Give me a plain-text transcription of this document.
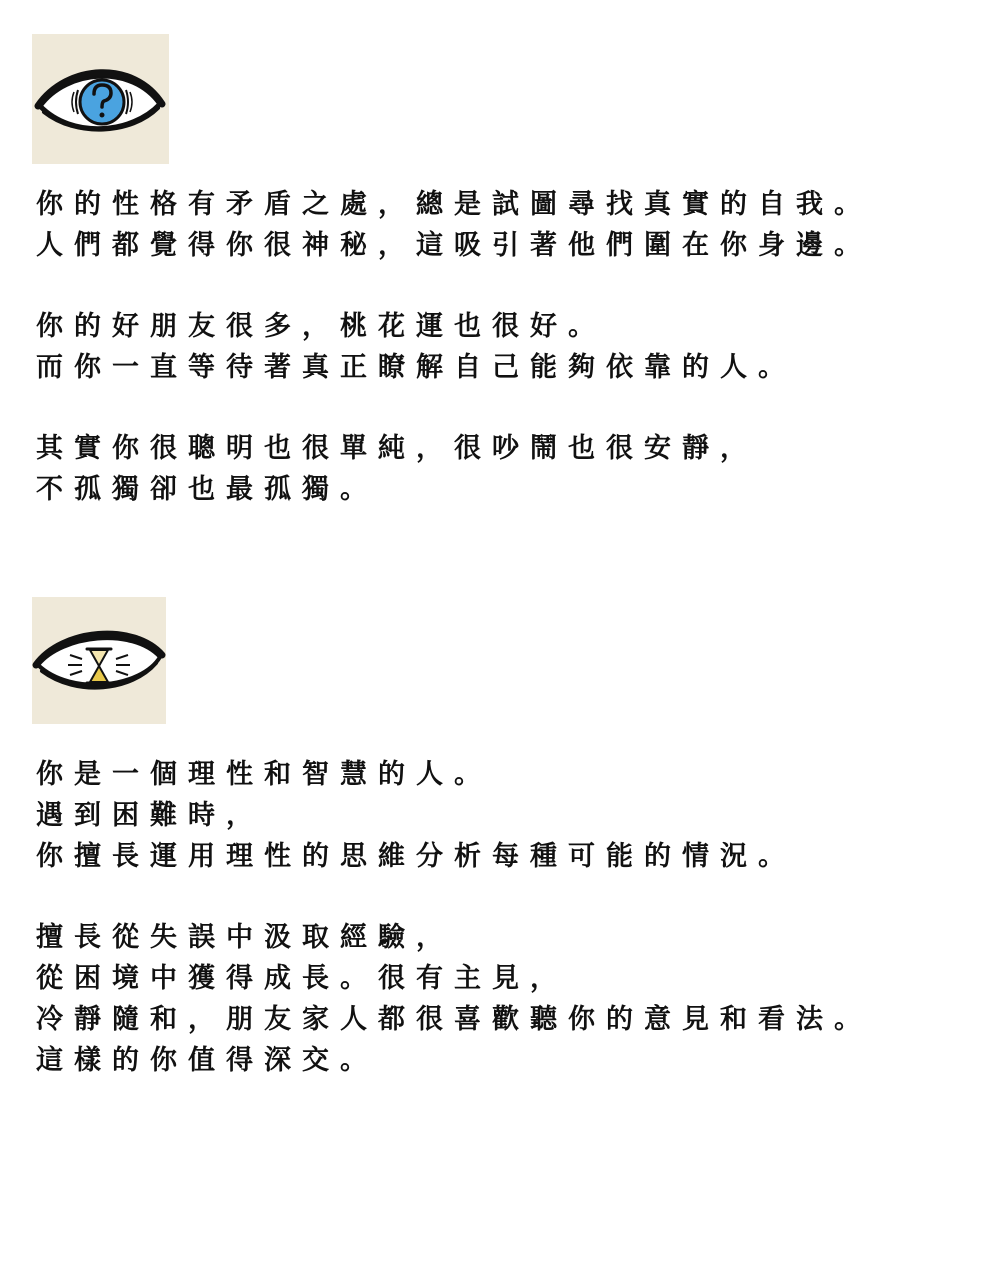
你的性格有矛盾之處，總是試圖尋找真實的自我。

人們都覺得你很神秘，這吸引著他們圍在你身邊。

你的好朋友很多，桃花運也很好。

而你一直等待著真正瞭解自己能夠依靠的人。

其實你很聰明也很單純，很吵鬧也很安靜，

不孤獨卻也最孤獨。

你是一個理性和智慧的人。

遇到困難時，

你擅長運用理性的思維分析每種可能的情況。

擅長從失誤中汲取經驗，

從困境中獲得成長。很有主見，

冷靜隨和，朋友家人都很喜歡聽你的意見和看法。

這樣的你值得深交。
